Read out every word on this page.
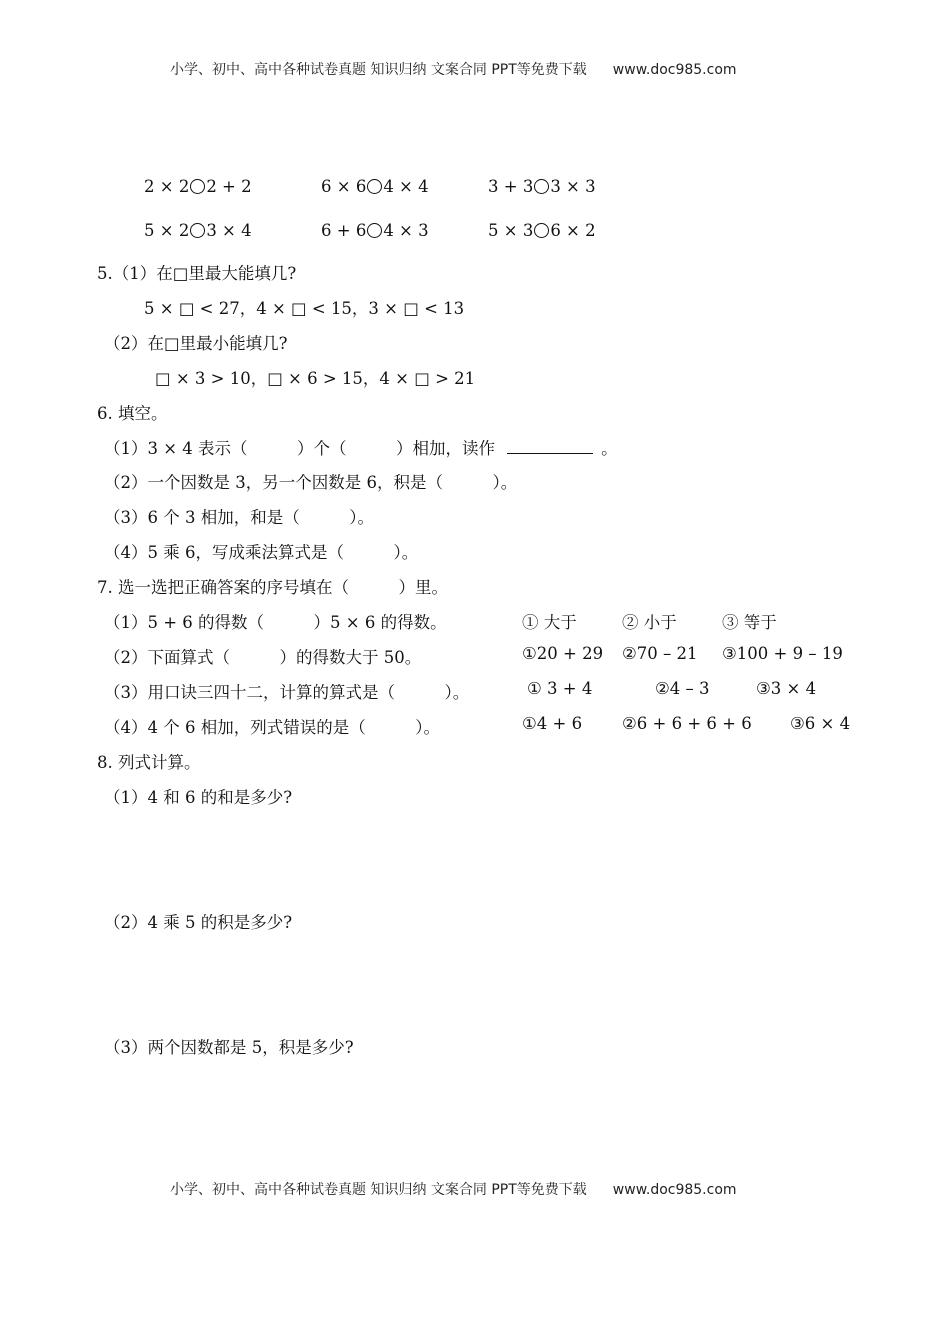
小学、初中、高中各种试卷真题 知识归纳 文案合同 PPT等免费下载 www.doc985.com
2 × 2 2 + 2	6 × 6 4 × 4	3 + 3 3 × 3
5 × 2 3 × 4	6 + 6 4 × 3	5 × 3 6 × 2
5.（1）在□里最大能填几?
5 × □ < 27，4 × □ < 15，3 × □ < 13
（2）在□里最小能填几?
□ × 3 > 10，□ × 6 > 15，4 × □ > 21
6. 填空。
（1）3 × 4 表示（　　　）个（　　　）相加，读作	。
（2）一个因数是 3，另一个因数是 6，积是（　　　）。
（3）6 个 3 相加，和是（　　　）。
（4）5 乘 6，写成乘法算式是（　　　）。
7. 选一选把正确答案的序号填在（　　　）里。
（1）5 + 6 的得数（　　　）5 × 6 的得数。	① 大于	② 小于	③ 等于
（2）下面算式（　　　）的得数大于 50。	①20 + 29 ②70 – 21 ③100 + 9 – 19
（3）用口诀三四十二，计算的算式是（　　　）。	① 3 + 4	②4 – 3	③3 × 4
（4）4 个 6 相加，列式错误的是（　　　）。	①4 + 6 ②6 + 6 + 6 + 6 ③6 × 4
8. 列式计算。
（1）4 和 6 的和是多少?
（2）4 乘 5 的积是多少?
（3）两个因数都是 5，积是多少?
小学、初中、高中各种试卷真题 知识归纳 文案合同 PPT等免费下载 www.doc985.com
